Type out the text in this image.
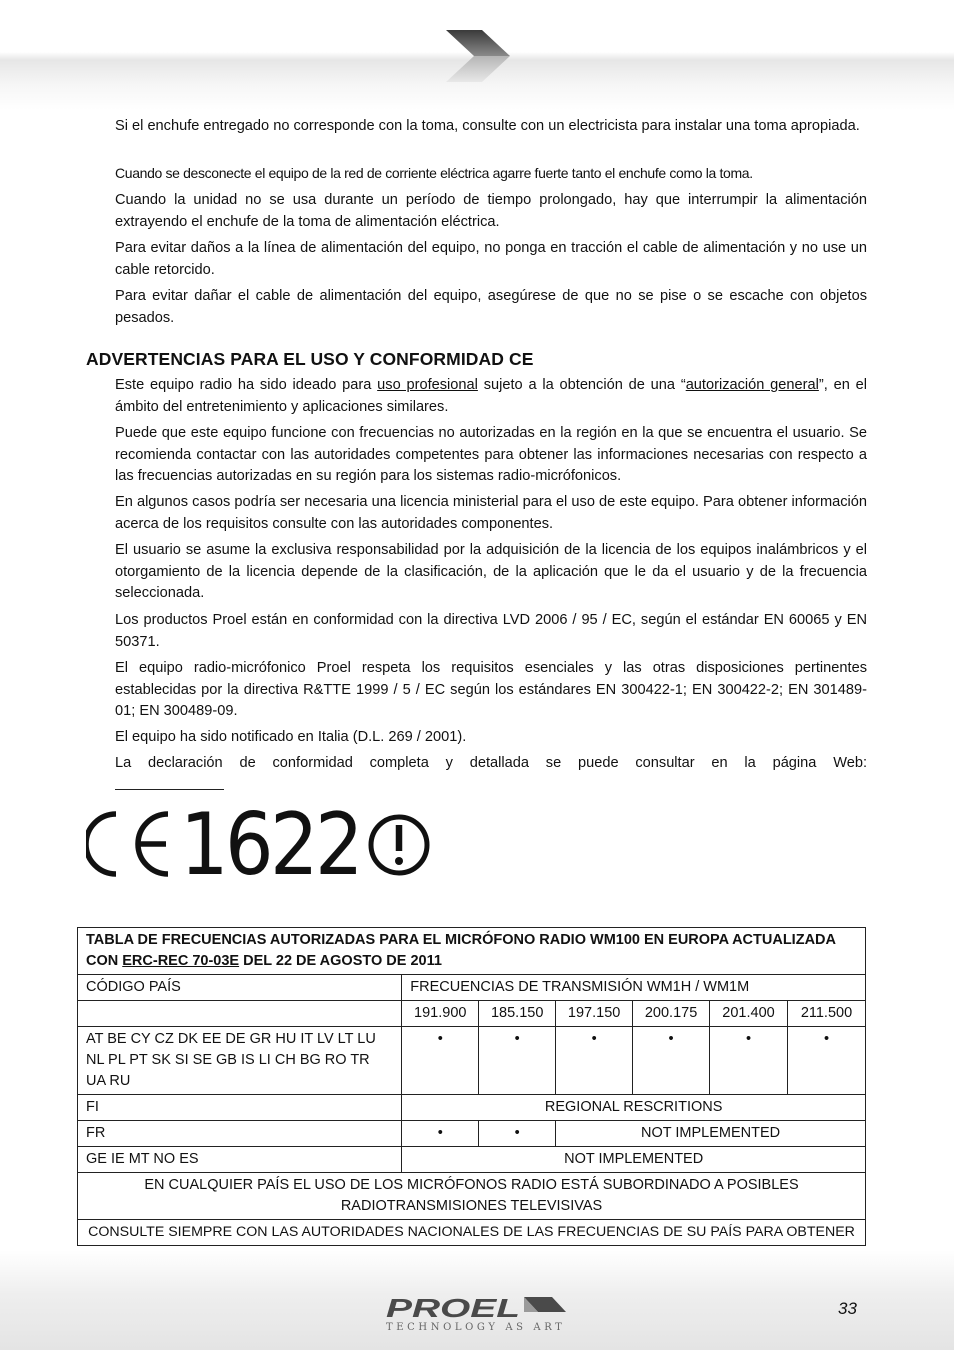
Si el enchufe entregado no corresponde con la toma, consulte con un electricista para instalar una toma apropiada.

Cuando se desconecte el equipo de la red de corriente eléctrica agarre fuerte tanto el enchufe como la toma.

Cuando la unidad no se usa durante un período de tiempo prolongado, hay que interrumpir la alimentación extrayendo el enchufe de la toma de alimentación eléctrica.

Para evitar daños a la línea de alimentación del equipo, no ponga en tracción el cable de alimentación y no use un cable retorcido.

Para evitar dañar el cable de alimentación del equipo, asegúrese de que no se pise o se escache con objetos pesados.

ADVERTENCIAS PARA EL USO Y CONFORMIDAD CE

Este equipo radio ha sido ideado para uso profesional sujeto a la obtención de una “autorización general”, en el ámbito del entretenimiento y aplicaciones similares.

Puede que este equipo funcione con frecuencias no autorizadas en la región en la que se encuentra el usuario. Se recomienda contactar con las autoridades competentes para obtener las informaciones necesarias con respecto a las frecuencias autorizadas en su región para los sistemas radio-micrófonicos.

En algunos casos podría ser necesaria una licencia ministerial para el uso de este equipo. Para obtener información acerca de los requisitos consulte con las autoridades componentes.

El usuario se asume la exclusiva responsabilidad por la adquisición de la licencia de los equipos inalámbricos y el otorgamiento de la licencia depende de la clasificación, de la aplicación que le da el usuario y de la frecuencia seleccionada.

Los productos Proel están en conformidad con la directiva LVD 2006 / 95 / EC, según el estándar EN 60065 y EN 50371.

El equipo radio-micrófonico Proel respeta los requisitos esenciales y las otras disposiciones pertinentes establecidas por la directiva R&TTE 1999 / 5 / EC según los estándares EN 300422-1; EN 300422-2; EN 301489-01; EN 300489-09.

El equipo ha sido notificado en Italia (D.L. 269 / 2001).

La declaración de conformidad completa y detallada se puede consultar en la página Web:

1622
TABLA DE FRECUENCIAS AUTORIZADAS PARA EL MICRÓFONO RADIO WM100 EN EUROPA ACTUALIZADA CON ERC-REC 70-03E DEL 22 DE AGOSTO DE 2011						
CÓDIGO PAÍS	FRECUENCIAS DE TRANSMISIÓN WM1H / WM1M					
	191.900	185.150	197.150	200.175	201.400	211.500
AT BE CY CZ DK EE DE GR HU IT LV LT LU NL PL PT SK SI SE GB IS LI CH BG RO TR UA RU	•	•	•	•	•	•
FI	REGIONAL RESCRITIONS					
FR	•	•	NOT IMPLEMENTED			
GE IE MT NO ES	NOT IMPLEMENTED					
EN CUALQUIER PAÍS EL USO DE LOS MICRÓFONOS RADIO ESTÁ SUBORDINADO A POSIBLES RADIOTRANSMISIONES TELEVISIVAS						
CONSULTE SIEMPRE CON LAS AUTORIDADES NACIONALES DE LAS FRECUENCIAS DE SU PAÍS PARA OBTENER						
PROEL
TECHNOLOGY AS ART
33
